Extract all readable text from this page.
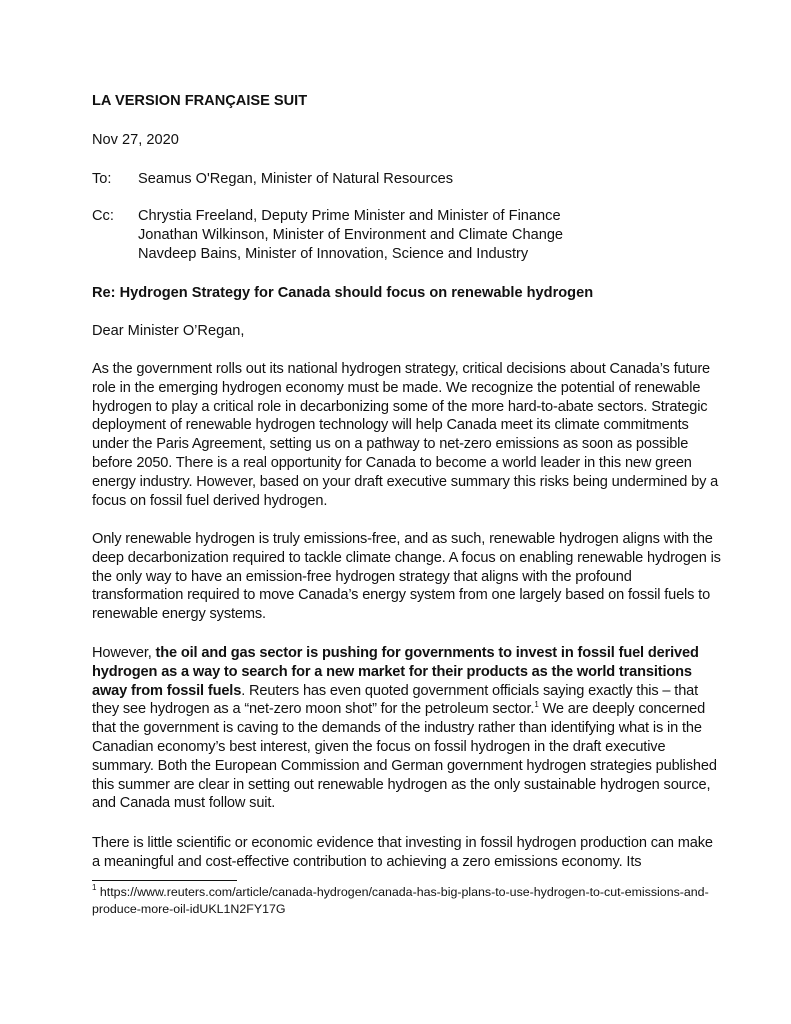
LA VERSION FRANÇAISE SUIT
Nov 27, 2020
To:	Seamus O'Regan, Minister of Natural Resources
Cc:	Chrystia Freeland, Deputy Prime Minister and Minister of Finance
Jonathan Wilkinson, Minister of Environment and Climate Change
Navdeep Bains, Minister of Innovation, Science and Industry
Re: Hydrogen Strategy for Canada should focus on renewable hydrogen
Dear Minister O’Regan,
As the government rolls out its national hydrogen strategy, critical decisions about Canada’s future role in the emerging hydrogen economy must be made. We recognize the potential of renewable hydrogen to play a critical role in decarbonizing some of the more hard-to-abate sectors. Strategic deployment of renewable hydrogen technology will help Canada meet its climate commitments under the Paris Agreement, setting us on a pathway to net-zero emissions as soon as possible before 2050. There is a real opportunity for Canada to become a world leader in this new green energy industry. However, based on your draft executive summary this risks being undermined by a focus on fossil fuel derived hydrogen.
Only renewable hydrogen is truly emissions-free, and as such, renewable hydrogen aligns with the deep decarbonization required to tackle climate change. A focus on enabling renewable hydrogen is the only way to have an emission-free hydrogen strategy that aligns with the profound transformation required to move Canada’s energy system from one largely based on fossil fuels to renewable energy systems.
However, the oil and gas sector is pushing for governments to invest in fossil fuel derived hydrogen as a way to search for a new market for their products as the world transitions away from fossil fuels. Reuters has even quoted government officials saying exactly this – that they see hydrogen as a “net-zero moon shot” for the petroleum sector.$^1$ We are deeply concerned that the government is caving to the demands of the industry rather than identifying what is in the Canadian economy’s best interest, given the focus on fossil hydrogen in the draft executive summary. Both the European Commission and German government hydrogen strategies published this summer are clear in setting out renewable hydrogen as the only sustainable hydrogen source, and Canada must follow suit.
There is little scientific or economic evidence that investing in fossil hydrogen production can make a meaningful and cost-effective contribution to achieving a zero emissions economy. Its
$^1$ https://www.reuters.com/article/canada-hydrogen/canada-has-big-plans-to-use-hydrogen-to-cut-emissions-and-produce-more-oil-idUKL1N2FY17G
